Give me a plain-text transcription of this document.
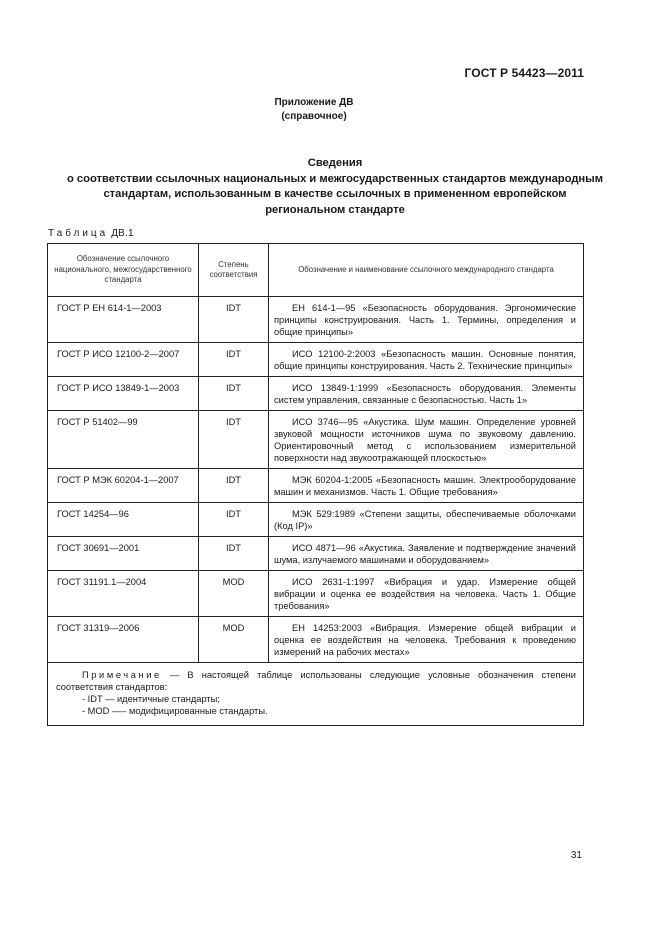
ГОСТ Р 54423—2011
Приложение ДВ
(справочное)
Сведения
о соответствии ссылочных национальных и межгосударственных стандартов международным
стандартам, использованным в качестве ссылочных в примененном европейском
региональном стандарте
Таблица ДВ.1
Обозначение ссылочного национального, межгосударственного стандарта	Степень соответствия	Обозначение и наименование ссылочного международного стандарта
ГОСТ Р ЕН 614-1—2003	IDT	ЕН 614-1—95 «Безопасность оборудования. Эргономические принципы конструирования. Часть 1. Термины, определения и общие принципы»
ГОСТ Р ИСО 12100-2—2007	IDT	ИСО 12100-2:2003 «Безопасность машин. Основные понятия, общие принципы конструирования. Часть 2. Технические принципы»
ГОСТ Р ИСО 13849-1—2003	IDT	ИСО 13849-1:1999 «Безопасность оборудования. Элементы систем управления, связанные с безопасностью. Часть 1»
ГОСТ Р 51402—99	IDT	ИСО 3746—95 «Акустика. Шум машин. Определение уровней звуковой мощности источников шума по звуковому давлению. Ориентировочный метод с использованием измерительной поверхности над звукоотражающей плоскостью»
ГОСТ Р МЭК 60204-1—2007	IDT	МЭК 60204-1:2005 «Безопасность машин. Электрооборудование машин и механизмов. Часть 1. Общие требования»
ГОСТ 14254—96	IDT	МЭК 529:1989 «Степени защиты, обеспечиваемые оболочками (Код IP)»
ГОСТ 30691—2001	IDT	ИСО 4871—96 «Акустика. Заявление и подтверждение значений шума, излучаемого машинами и оборудованием»
ГОСТ 31191.1—2004	MOD	ИСО 2631-1:1997 «Вибрация и удар. Измерение общей вибрации и оценка ее воздействия на человека. Часть 1. Общие требования»
ГОСТ 31319—2006	MOD	ЕН 14253:2003 «Вибрация. Измерение общей вибрации и оценка ее воздействия на человека. Требования к проведению измерений на рабочих местах»

Примечание — В настоящей таблице использованы следующие условные обозначения степени соответствия стандартов:
- IDT — идентичные стандарты;
- MOD —– модифицированные стандарты.		
31
